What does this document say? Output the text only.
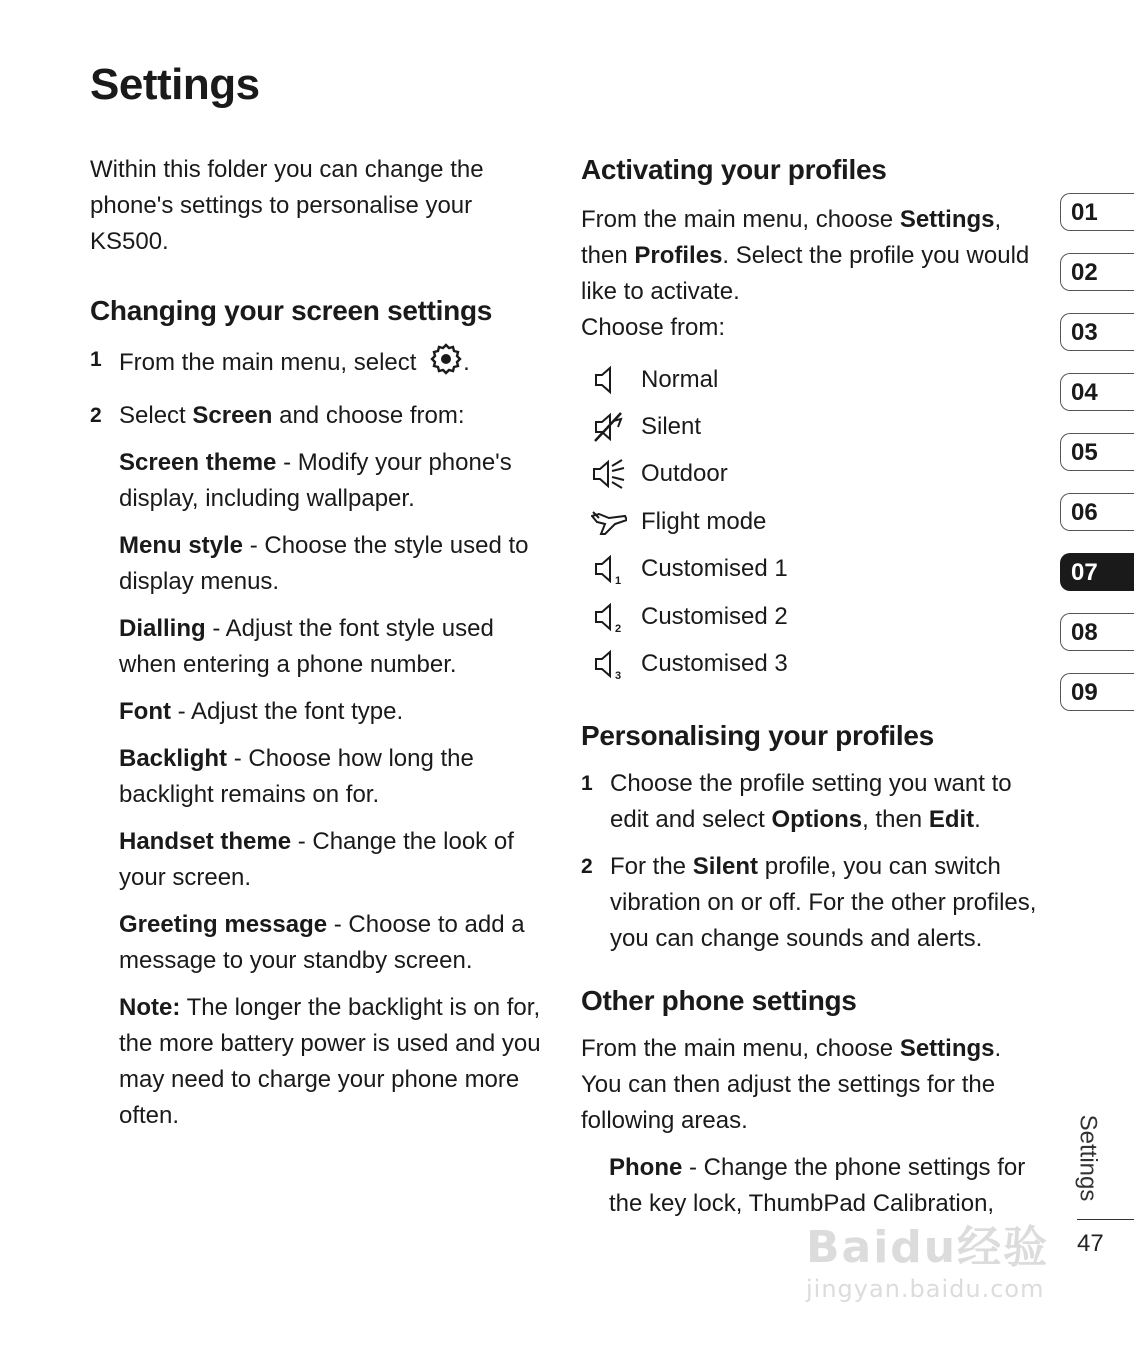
Settings

Within this folder you can change the phone's settings to personalise your KS500.

Changing your screen settings
1 From the main menu, select .
2 Select Screen and choose from:

Screen theme - Modify your phone's display, including wallpaper.

Menu style - Choose the style used to display menus.

Dialling - Adjust the font style used when entering a phone number.

Font - Adjust the font type.

Backlight - Choose how long the backlight remains on for.

Handset theme - Change the look of your screen.

Greeting message - Choose to add a message to your standby screen.

Note: The longer the backlight is on for, the more battery power is used and you may need to charge your phone more often.

Activating your profiles

From the main menu, choose Settings,
then Profiles. Select the profile you would like to activate.

Choose from:

Normal
Silent
Outdoor
Flight mode
1 Customised 1
2 Customised 2
3 Customised 3
Personalising your profiles
1 Choose the profile setting you want to edit and select Options, then Edit.
2 For the Silent profile, you can switch vibration on or off. For the other profiles, you can change sounds and alerts.
Other phone settings

From the main menu, choose Settings. You can then adjust the settings for the following areas.

Phone - Change the phone settings for the key lock, ThumbPad Calibration,

01
02
03
04
05
06
07
08
09
Settings
47
Baidu经验
jingyan.baidu.com
